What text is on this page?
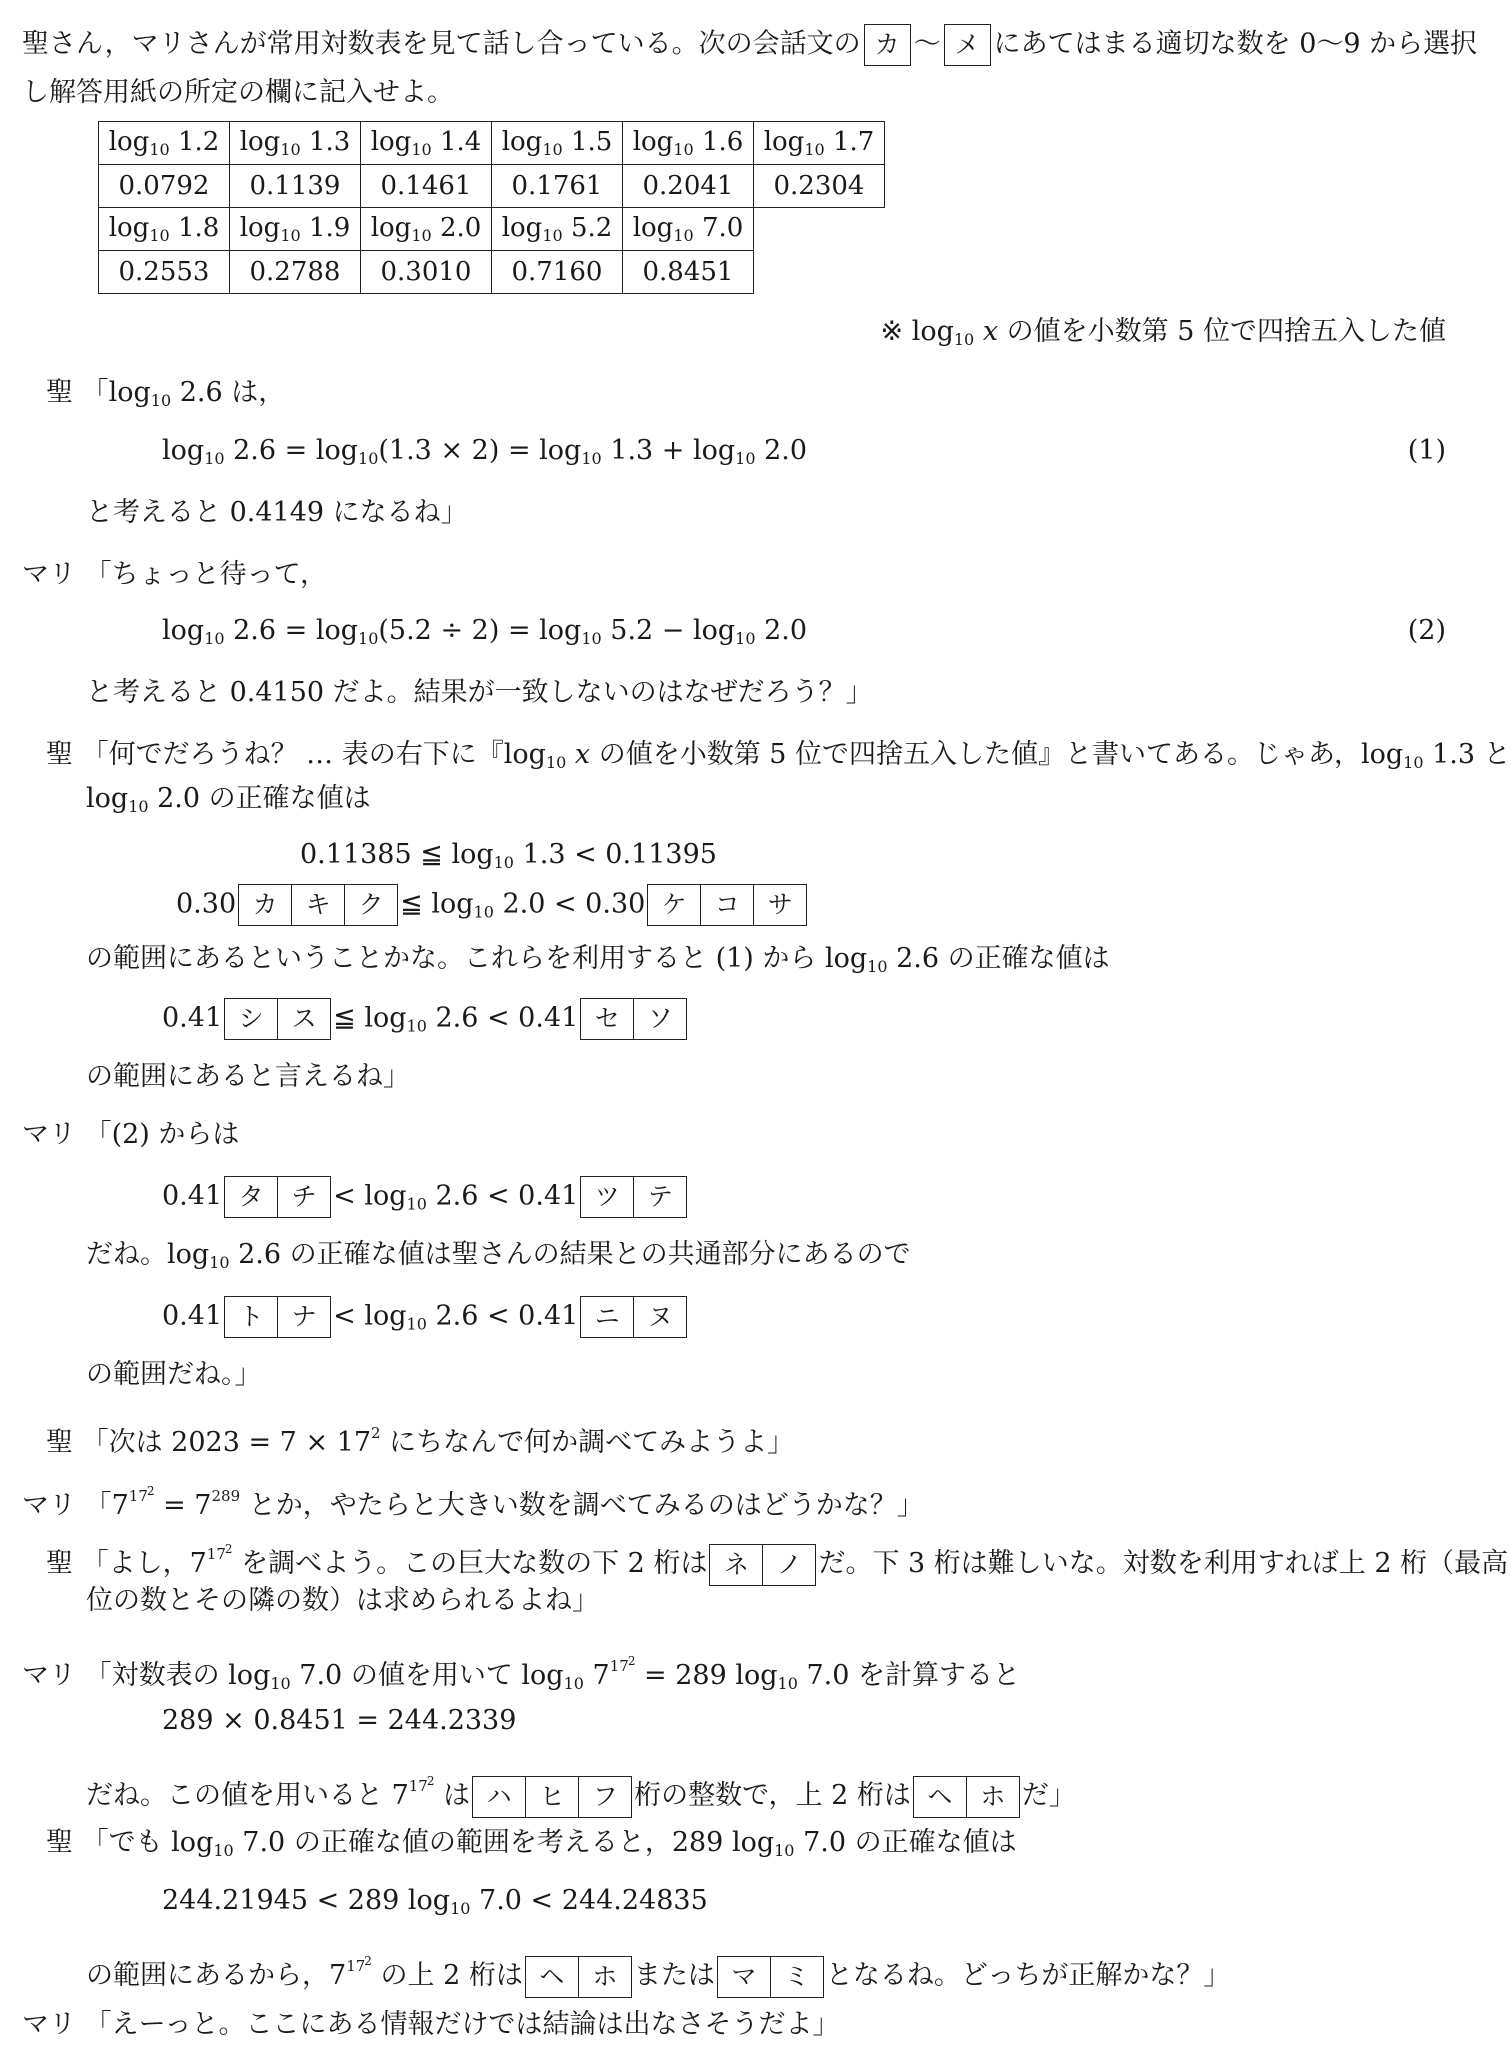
聖さん，マリさんが常用対数表を見て話し合っている。次の会話文の カ 〜 メ にあてはまる適切な数を 0〜9 から選択
し解答用紙の所定の欄に記入せよ。
$\log_{10} 1.2$	$\log_{10} 1.3$	$\log_{10} 1.4$	$\log_{10} 1.5$	$\log_{10} 1.6$	$\log_{10} 1.7$
0.0792	0.1139	0.1461	0.1761	0.2041	0.2304
$\log_{10} 1.8$	$\log_{10} 1.9$	$\log_{10} 2.0$	$\log_{10} 5.2$	$\log_{10} 7.0$	
0.2553	0.2788	0.3010	0.7160	0.8451	
※ $\log_{10} x$ の値を小数第 5 位で四捨五入した値
聖 「$\log_{10} 2.6$ は，
$\log_{10} 2.6 = \log_{10}(1.3 \times 2) = \log_{10} 1.3 + \log_{10} 2.0$	(1)
と考えると 0.4149 になるね」
マリ 「ちょっと待って，
$\log_{10} 2.6 = \log_{10}(5.2 \div 2) = \log_{10} 5.2 - \log_{10} 2.0$	(2)
と考えると 0.4150 だよ。結果が一致しないのはなぜだろう？」
聖 「何でだろうね？ … 表の右下に『$\log_{10} x$ の値を小数第 5 位で四捨五入した値』と書いてある。じゃあ，$\log_{10} 1.3$ と
$\log_{10} 2.0$ の正確な値は
0.11385 ≦ $\log_{10} 1.3 < 0.11395$
0.30 カ	キ	ク ≦ $\log_{10} 2.0 < 0.30$ ケ	コ	サ
の範囲にあるということかな。これらを利用すると (1) から $\log_{10} 2.6$ の正確な値は
0.41 シ	ス ≦ $\log_{10} 2.6 < 0.41$ セ	ソ
の範囲にあると言えるね」
マリ 「(2) からは
0.41 タ	チ < $\log_{10} 2.6 < 0.41$ ツ	テ
だね。$\log_{10} 2.6$ の正確な値は聖さんの結果との共通部分にあるので
0.41 ト	ナ < $\log_{10} 2.6 < 0.41$ ニ	ヌ
の範囲だね。」
聖 「次は $2023 = 7 \times 17^2$ にちなんで何か調べてみようよ」
マリ 「$7^{172} = 7^{289}$ とか，やたらと大きい数を調べてみるのはどうかな？」
聖 「よし，$7^{172}$ を調べよう。この巨大な数の下 2 桁は ネ	ノ だ。下 3 桁は難しいな。対数を利用すれば上 2 桁（最高
位の数とその隣の数）は求められるよね」
マリ 「対数表の $\log_{10} 7.0$ の値を用いて $\log_{10} 7^{172} = 289$ $\log_{10} 7.0$ を計算すると
289 × 0.8451 = 244.2339
だね。この値を用いると $7^{172}$ は ハ	ヒ	フ 桁の整数で，上 2 桁は ヘ	ホ だ」
聖 「でも $\log_{10} 7.0$ の正確な値の範囲を考えると，289 $\log_{10} 7.0$ の正確な値は
244.21945 < 289 $\log_{10} 7.0 < 244.24835$
の範囲にあるから，$7^{172}$ の上 2 桁は ヘ	ホ または マ	ミ となるね。どっちが正解かな？」
マリ 「えーっと。ここにある情報だけでは結論は出なさそうだよ」
